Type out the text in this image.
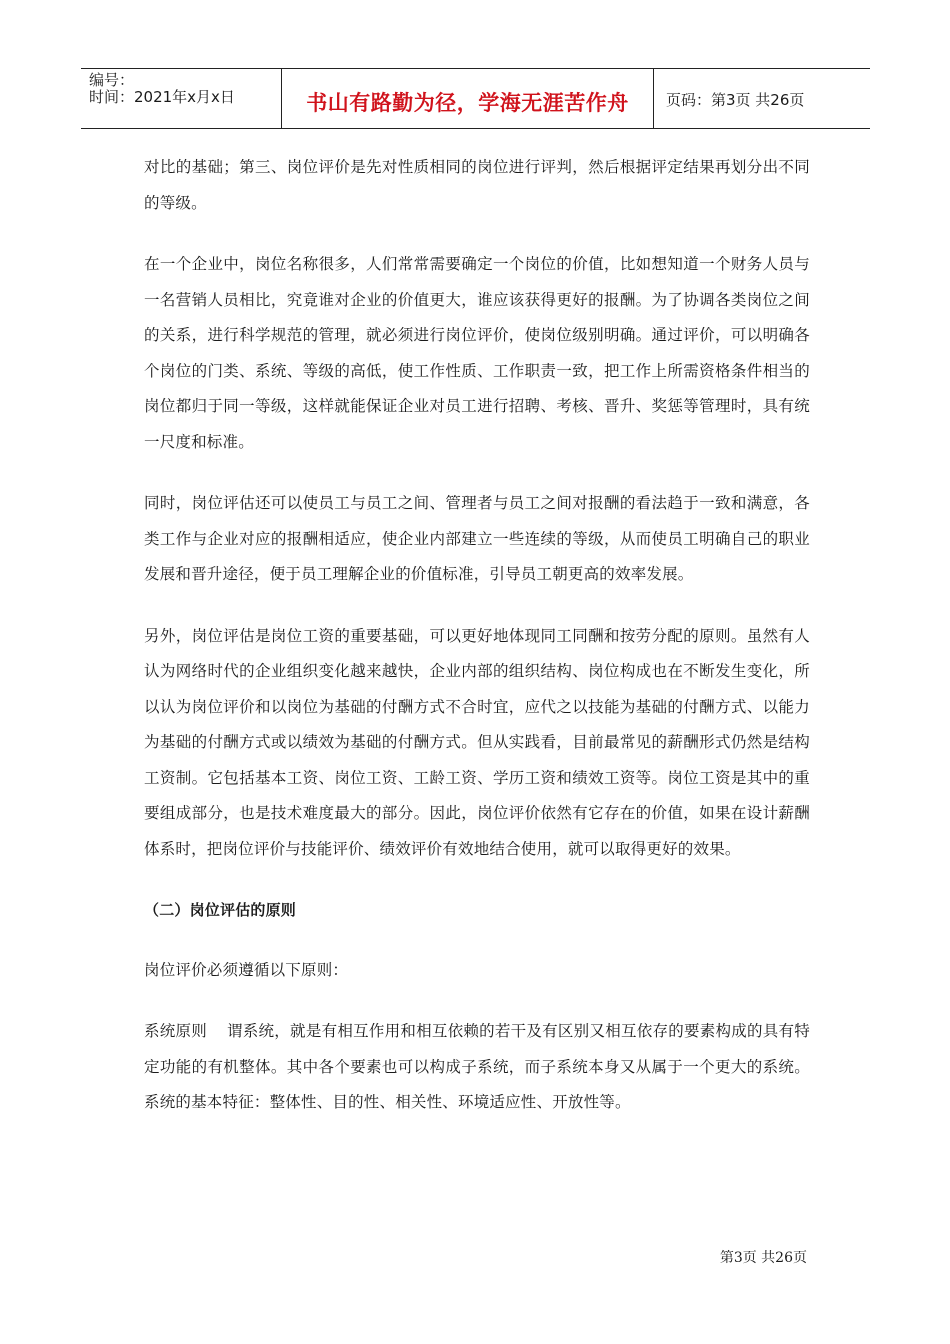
编号：
时间：2021年x月x日	书山有路勤为径，学海无涯苦作舟	页码：第3页 共26页

对比的基础；第三、岗位评价是先对性质相同的岗位进行评判，然后根据评定结果再划分出不同的等级。

在一个企业中，岗位名称很多，人们常常需要确定一个岗位的价值，比如想知道一个财务人员与一名营销人员相比，究竟谁对企业的价值更大，谁应该获得更好的报酬。为了协调各类岗位之间的关系，进行科学规范的管理，就必须进行岗位评价，使岗位级别明确。通过评价，可以明确各个岗位的门类、系统、等级的高低，使工作性质、工作职责一致，把工作上所需资格条件相当的岗位都归于同一等级，这样就能保证企业对员工进行招聘、考核、晋升、奖惩等管理时，具有统一尺度和标准。

同时，岗位评估还可以使员工与员工之间、管理者与员工之间对报酬的看法趋于一致和满意，各类工作与企业对应的报酬相适应，使企业内部建立一些连续的等级，从而使员工明确自己的职业发展和晋升途径，便于员工理解企业的价值标准，引导员工朝更高的效率发展。

另外，岗位评估是岗位工资的重要基础，可以更好地体现同工同酬和按劳分配的原则。虽然有人认为网络时代的企业组织变化越来越快，企业内部的组织结构、岗位构成也在不断发生变化，所以认为岗位评价和以岗位为基础的付酬方式不合时宜，应代之以技能为基础的付酬方式、以能力为基础的付酬方式或以绩效为基础的付酬方式。但从实践看，目前最常见的薪酬形式仍然是结构工资制。它包括基本工资、岗位工资、工龄工资、学历工资和绩效工资等。岗位工资是其中的重要组成部分，也是技术难度最大的部分。因此，岗位评价依然有它存在的价值，如果在设计薪酬体系时，把岗位评价与技能评价、绩效评价有效地结合使用，就可以取得更好的效果。

（二）岗位评估的原则

岗位评价必须遵循以下原则：

系统原则 谓系统，就是有相互作用和相互依赖的若干及有区别又相互依存的要素构成的具有特定功能的有机整体。其中各个要素也可以构成子系统，而子系统本身又从属于一个更大的系统。系统的基本特征：整体性、目的性、相关性、环境适应性、开放性等。

第3页 共26页
